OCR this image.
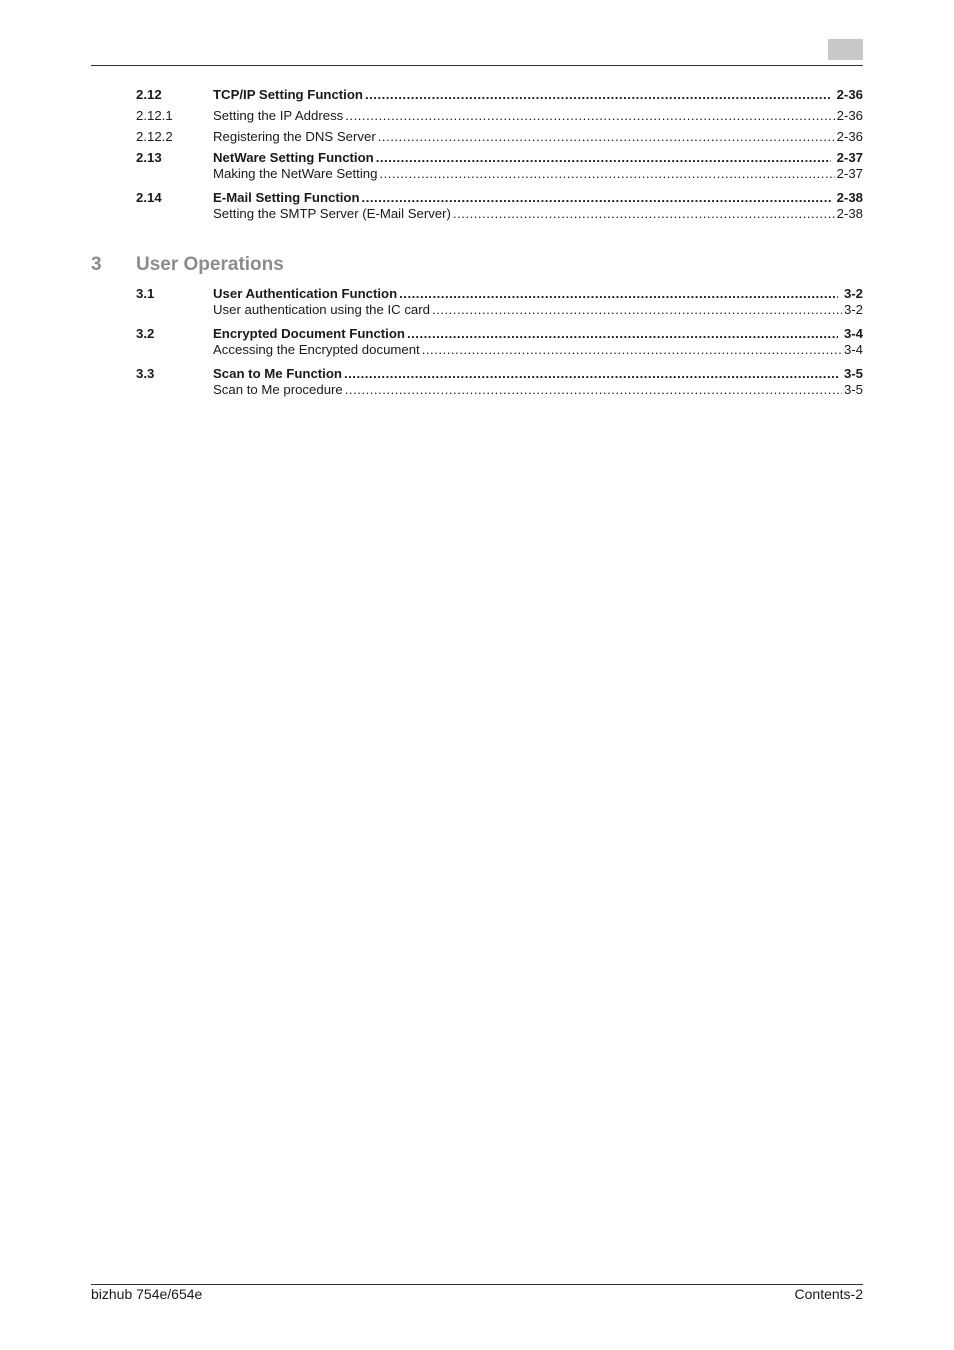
2.12	TCP/IP Setting Function .....	2-36
2.12.1	Setting the IP Address .....	2-36
2.12.2	Registering the DNS Server .....	2-36
2.13	NetWare Setting Function .....	2-37
Making the NetWare Setting .....	2-37
2.14	E-Mail Setting Function .....	2-38
Setting the SMTP Server (E-Mail Server) .....	2-38
3 User Operations
3.1	User Authentication Function .....	3-2
User authentication using the IC card .....	3-2
3.2	Encrypted Document Function .....	3-4
Accessing the Encrypted document .....	3-4
3.3	Scan to Me Function .....	3-5
Scan to Me procedure .....	3-5
bizhub 754e/654e	Contents-2
